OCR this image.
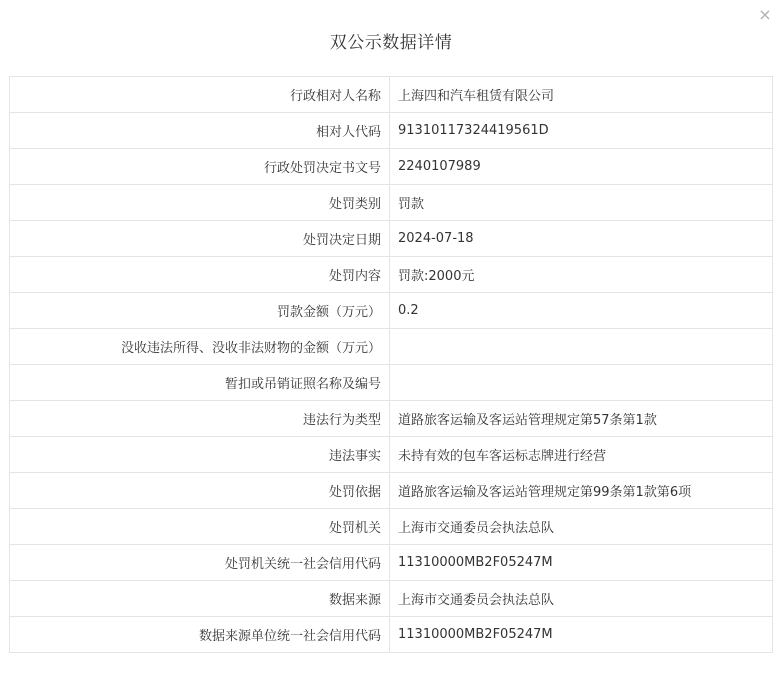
×
双公示数据详情
行政相对人名称	上海四和汽车租赁有限公司
相对人代码	91310117324419561D
行政处罚决定书文号	2240107989
处罚类别	罚款
处罚决定日期	2024-07-18
处罚内容	罚款:2000元
罚款金额（万元）	0.2
没收违法所得、没收非法财物的金额（万元）	
暂扣或吊销证照名称及编号	
违法行为类型	道路旅客运输及客运站管理规定第57条第1款
违法事实	未持有效的包车客运标志牌进行经营
处罚依据	道路旅客运输及客运站管理规定第99条第1款第6项
处罚机关	上海市交通委员会执法总队
处罚机关统一社会信用代码	11310000MB2F05247M
数据来源	上海市交通委员会执法总队
数据来源单位统一社会信用代码	11310000MB2F05247M
